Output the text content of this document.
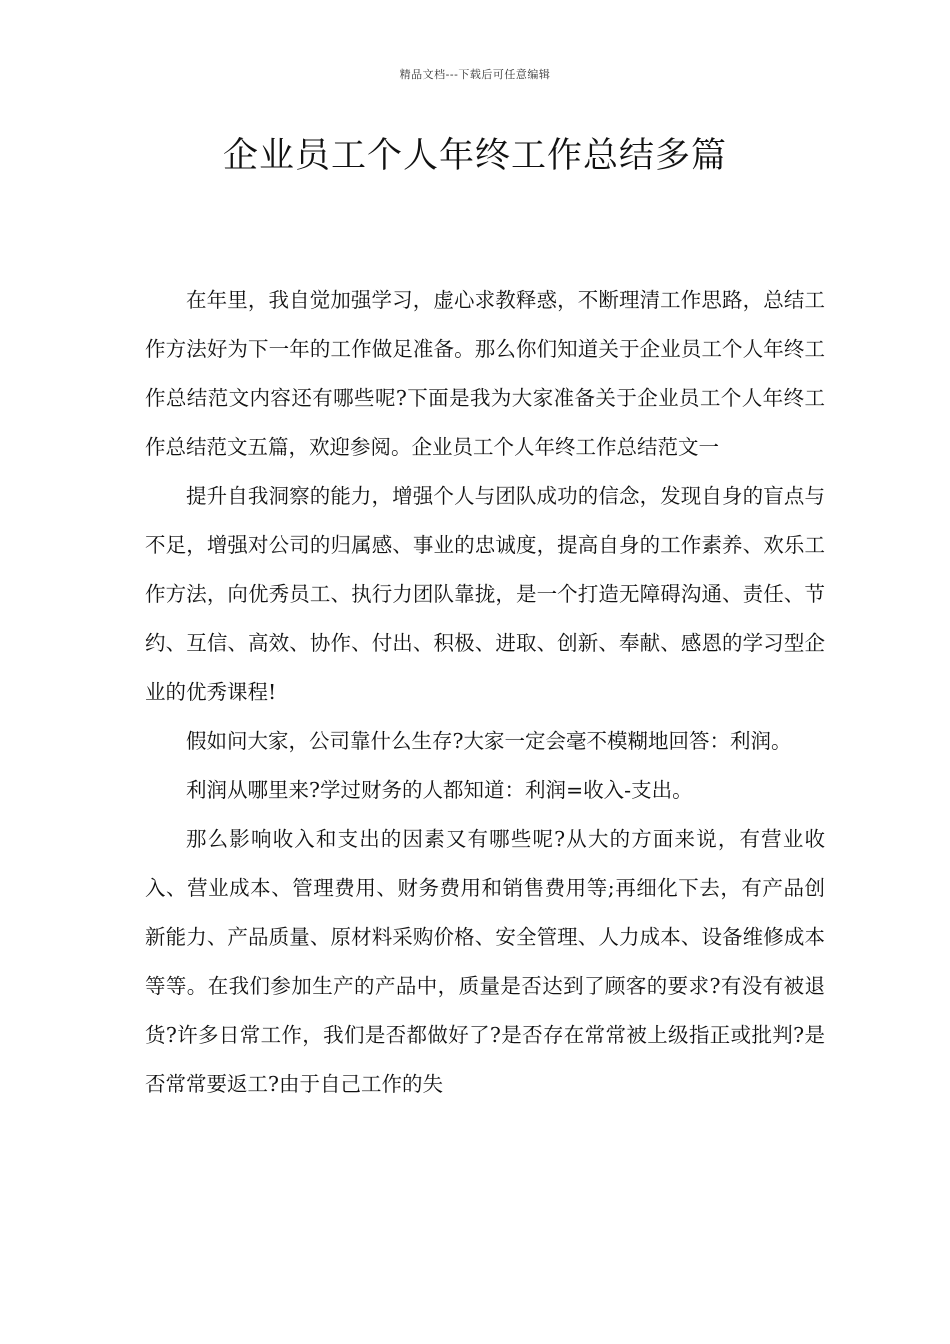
精品文档---下载后可任意编辑
企业员工个人年终工作总结多篇

在年里，我自觉加强学习，虚心求教释惑，不断理清工作思路，总结工作方法好为下一年的工作做足准备。那么你们知道关于企业员工个人年终工作总结范文内容还有哪些呢?下面是我为大家准备关于企业员工个人年终工作总结范文五篇，欢迎参阅。企业员工个人年终工作总结范文一

提升自我洞察的能力，增强个人与团队成功的信念，发现自身的盲点与不足，增强对公司的归属感、事业的忠诚度，提高自身的工作素养、欢乐工作方法，向优秀员工、执行力团队靠拢，是一个打造无障碍沟通、责任、节约、互信、高效、协作、付出、积极、进取、创新、奉献、感恩的学习型企业的优秀课程!

假如问大家，公司靠什么生存?大家一定会毫不模糊地回答：利润。

利润从哪里来?学过财务的人都知道：利润=收入-支出。

那么影响收入和支出的因素又有哪些呢?从大的方面来说，有营业收入、营业成本、管理费用、财务费用和销售费用等;再细化下去，有产品创新能力、产品质量、原材料采购价格、安全管理、人力成本、设备维修成本等等。在我们参加生产的产品中，质量是否达到了顾客的要求?有没有被退货?许多日常工作，我们是否都做好了?是否存在常常被上级指正或批判?是否常常要返工?由于自己工作的失
